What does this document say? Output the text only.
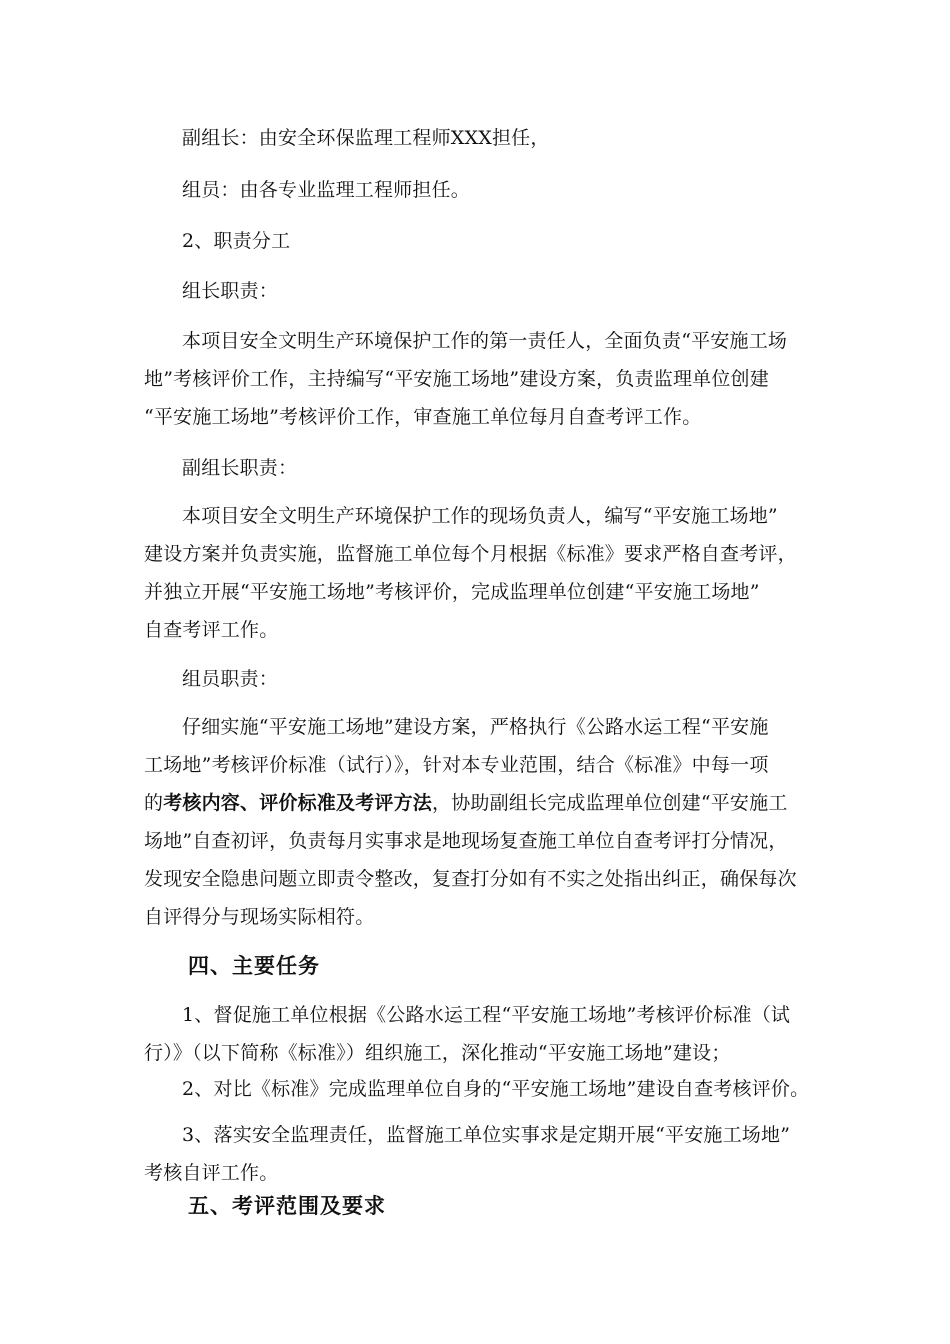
副组长：由安全环保监理工程师XXX担任，

组员：由各专业监理工程师担任。

2、职责分工

组长职责：

本项目安全文明生产环境保护工作的第一责任人，全面负责“平安施工场
地”考核评价工作，主持编写“平安施工场地”建设方案，负责监理单位创建
“平安施工场地”考核评价工作，审查施工单位每月自查考评工作。

副组长职责：

本项目安全文明生产环境保护工作的现场负责人，编写“平安施工场地”
建设方案并负责实施，监督施工单位每个月根据《标准》要求严格自查考评，
并独立开展“平安施工场地”考核评价，完成监理单位创建“平安施工场地”
自查考评工作。

组员职责：

仔细实施“平安施工场地”建设方案，严格执行《公路水运工程“平安施
工场地”考核评价标准（试行）》，针对本专业范围，结合《标准》中每一项
的考核内容、评价标准及考评方法，协助副组长完成监理单位创建“平安施工
场地”自查初评，负责每月实事求是地现场复查施工单位自查考评打分情况，
发现安全隐患问题立即责令整改，复查打分如有不实之处指出纠正，确保每次
自评得分与现场实际相符。

四、主要任务

1、督促施工单位根据《公路水运工程“平安施工场地”考核评价标准（试
行）》（以下简称《标准》）组织施工，深化推动“平安施工场地”建设；

2、对比《标准》完成监理单位自身的“平安施工场地”建设自查考核评价。

3、落实安全监理责任，监督施工单位实事求是定期开展“平安施工场地”
考核自评工作。

五、考评范围及要求
